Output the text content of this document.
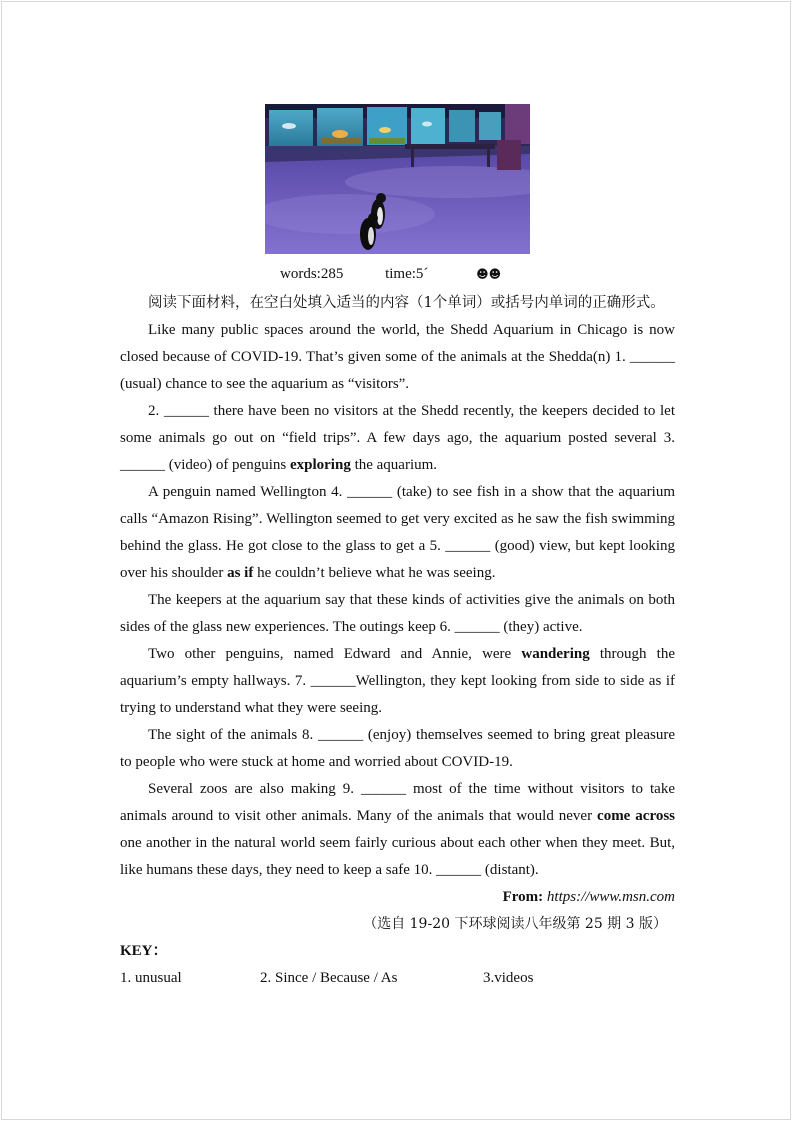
words:285	time:5´	☻☻

阅读下面材料，在空白处填入适当的内容（1个单词）或括号内单词的正确形式。

Like many public spaces around the world, the Shedd Aquarium in Chicago is now closed because of COVID-19. That’s given some of the animals at the Shedda(n) 1. ______ (usual) chance to see the aquarium as “visitors”.

2. ______ there have been no visitors at the Shedd recently, the keepers decided to let some animals go out on “field trips”. A few days ago, the aquarium posted several 3. ______ (video) of penguins exploring the aquarium.

A penguin named Wellington 4. ______ (take) to see fish in a show that the aquarium calls “Amazon Rising”. Wellington seemed to get very excited as he saw the fish swimming behind the glass. He got close to the glass to get a 5. ______ (good) view, but kept looking over his shoulder as if he couldn’t believe what he was seeing.

The keepers at the aquarium say that these kinds of activities give the animals on both sides of the glass new experiences. The outings keep 6. ______ (they) active.

Two other penguins, named Edward and Annie, were wandering through the aquarium’s empty hallways. 7. ______Wellington, they kept looking from side to side as if trying to understand what they were seeing.

The sight of the animals 8. ______ (enjoy) themselves seemed to bring great pleasure to people who were stuck at home and worried about COVID-19.

Several zoos are also making 9. ______ most of the time without visitors to take animals around to visit other animals. Many of the animals that would never come across one another in the natural world seem fairly curious about each other when they meet. But, like humans these days, they need to keep a safe 10. ______ (distant).

From: https://www.msn.com

（选自 19-20 下环球阅读八年级第 25 期 3 版）

KEY：

1. unusual	2. Since / Because / As	3.videos
